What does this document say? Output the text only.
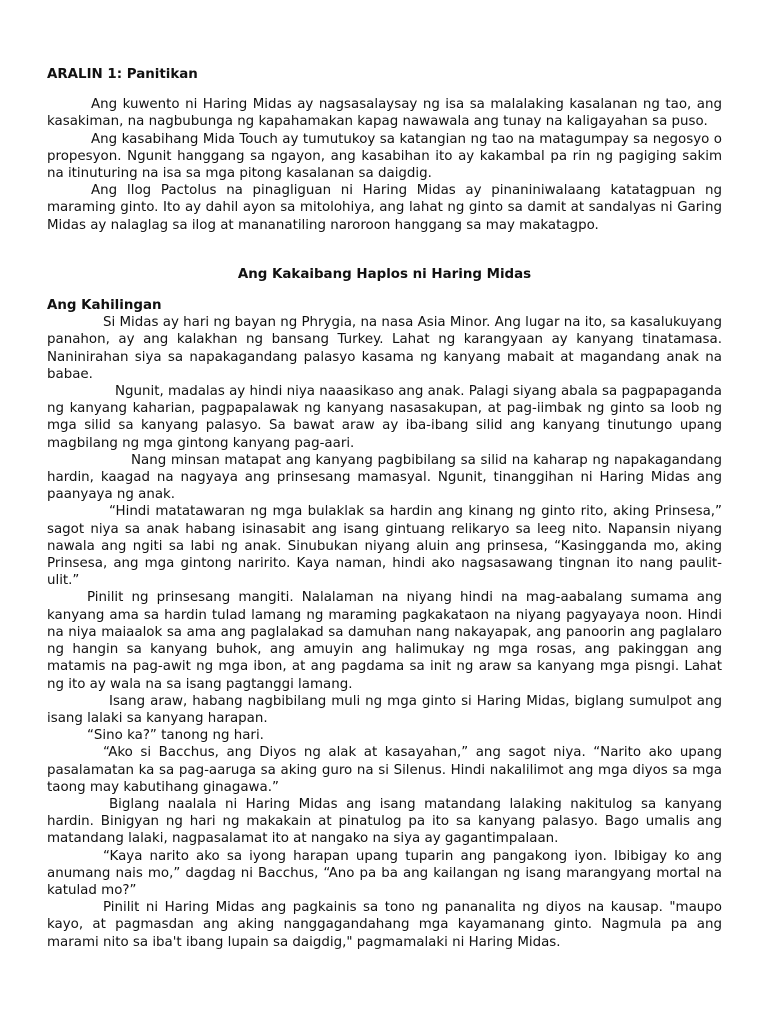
ARALIN 1: Panitikan

Ang kuwento ni Haring Midas ay nagsasalaysay ng isa sa malalaking kasalanan ng tao, ang kasakiman, na nagbubunga ng kapahamakan kapag nawawala ang tunay na kaligayahan sa puso.

Ang kasabihang Mida Touch ay tumutukoy sa katangian ng tao na matagumpay sa negosyo o propesyon. Ngunit hanggang sa ngayon, ang kasabihan ito ay kakambal pa rin ng pagiging sakim na itinuturing na isa sa mga pitong kasalanan sa daigdig.

Ang Ilog Pactolus na pinagliguan ni Haring Midas ay pinaniniwalaang katatagpuan ng maraming ginto. Ito ay dahil ayon sa mitolohiya, ang lahat ng ginto sa damit at sandalyas ni Garing Midas ay nalaglag sa ilog at mananatiling naroroon hanggang sa may makatagpo.

Ang Kakaibang Haplos ni Haring Midas
Ang Kahilingan

Si Midas ay hari ng bayan ng Phrygia, na nasa Asia Minor. Ang lugar na ito, sa kasalukuyang panahon, ay ang kalakhan ng bansang Turkey. Lahat ng karangyaan ay kanyang tinatamasa. Naninirahan siya sa napakagandang palasyo kasama ng kanyang mabait at magandang anak na babae.

Ngunit, madalas ay hindi niya naaasikaso ang anak. Palagi siyang abala sa pagpapaganda ng kanyang kaharian, pagpapalawak ng kanyang nasasakupan, at pag-iimbak ng ginto sa loob ng mga silid sa kanyang palasyo. Sa bawat araw ay iba-ibang silid ang kanyang tinutungo upang magbilang ng mga gintong kanyang pag-aari.

Nang minsan matapat ang kanyang pagbibilang sa silid na kaharap ng napakagandang hardin, kaagad na nagyaya ang prinsesang mamasyal. Ngunit, tinanggihan ni Haring Midas ang paanyaya ng anak.

“Hindi matatawaran ng mga bulaklak sa hardin ang kinang ng ginto rito, aking Prinsesa,” sagot niya sa anak habang isinasabit ang isang gintuang relikaryo sa leeg nito. Napansin niyang nawala ang ngiti sa labi ng anak. Sinubukan niyang aluin ang prinsesa, “Kasingganda mo, aking Prinsesa, ang mga gintong naririto. Kaya naman, hindi ako nagsasawang tingnan ito nang paulit-ulit.”

Pinilit ng prinsesang mangiti. Nalalaman na niyang hindi na mag-aabalang sumama ang kanyang ama sa hardin tulad lamang ng maraming pagkakataon na niyang pagyayaya noon. Hindi na niya maiaalok sa ama ang paglalakad sa damuhan nang nakayapak, ang panoorin ang paglalaro ng hangin sa kanyang buhok, ang amuyin ang halimukay ng mga rosas, ang pakinggan ang matamis na pag-awit ng mga ibon, at ang pagdama sa init ng araw sa kanyang mga pisngi. Lahat ng ito ay wala na sa isang pagtanggi lamang.

Isang araw, habang nagbibilang muli ng mga ginto si Haring Midas, biglang sumulpot ang isang lalaki sa kanyang harapan.

“Sino ka?” tanong ng hari.

“Ako si Bacchus, ang Diyos ng alak at kasayahan,” ang sagot niya. “Narito ako upang pasalamatan ka sa pag-aaruga sa aking guro na si Silenus. Hindi nakalilimot ang mga diyos sa mga taong may kabutihang ginagawa.”

Biglang naalala ni Haring Midas ang isang matandang lalaking nakitulog sa kanyang hardin. Binigyan ng hari ng makakain at pinatulog pa ito sa kanyang palasyo. Bago umalis ang matandang lalaki, nagpasalamat ito at nangako na siya ay gagantimpalaan.

“Kaya narito ako sa iyong harapan upang tuparin ang pangakong iyon. Ibibigay ko ang anumang nais mo,” dagdag ni Bacchus, “Ano pa ba ang kailangan ng isang marangyang mortal na katulad mo?”

Pinilit ni Haring Midas ang pagkainis sa tono ng pananalita ng diyos na kausap. "maupo kayo, at pagmasdan ang aking nanggagandahang mga kayamanang ginto. Nagmula pa ang marami nito sa iba't ibang lupain sa daigdig," pagmamalaki ni Haring Midas.
